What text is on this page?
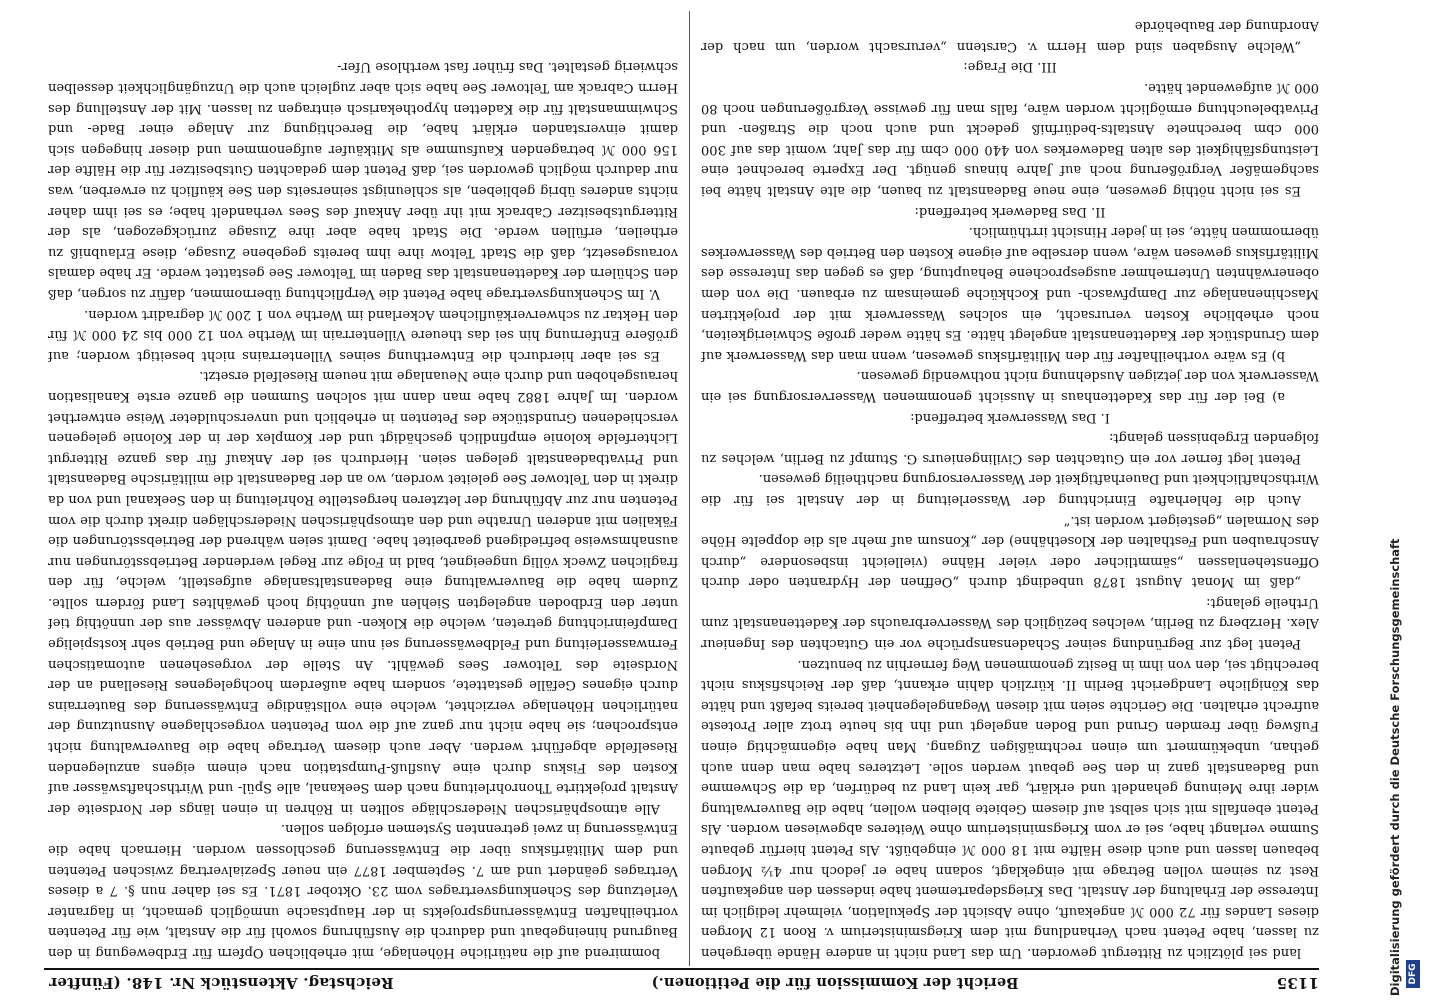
1135
Bericht der Kommission für die Petitionen.)
Reichstag. Aktenstück Nr. 148. (Fünfter

land sei plötzlich zu Rittergut geworden. Um das Land nicht in andere Hände übergehen zu lassen, habe Petent nach Verhandlung mit dem Kriegsministerium v. Roon 12 Morgen dieses Landes für 72 000 ℳ angekauft, ohne Absicht der Spekulation, vielmehr lediglich im Interesse der Erhaltung der Anstalt. Das Kriegsdepartement habe indessen den angekauften Rest zu seinem vollen Betrage mit eingeklagt, sodann habe er jedoch nur 4½ Morgen bebauen lassen und auch diese Hälfte mit 18 000 ℳ eingebüßt. Als Petent hierfür gebaute Summe verlangt habe, sei er vom Kriegsministerium ohne Weiteres abgewiesen worden. Als Petent ebenfalls mit sich selbst auf diesem Gebiete bleiben wollen, habe die Bauverwaltung wider ihre Meinung gehandelt und erklärt, gar kein Land zu bedürfen, da die Schwemme und Badeanstalt ganz in den See gebaut werden solle. Letzteres habe man denn auch gethan, unbekümmert um einen rechtmäßigen Zugang. Man habe eigenmächtig einen Fußweg über fremden Grund und Boden angelegt und ihn bis heute trotz aller Proteste aufrecht erhalten. Die Gerichte seien mit diesen Wegangelegenheit bereits befaßt und hätte das Königliche Landgericht Berlin II. kürzlich dahin erkannt, daß der Reichsfiskus nicht berechtigt sei, den von ihm in Besitz genommenen Weg fernerhin zu benutzen.

Petent legt zur Begründung seiner Schadensansprüche vor ein Gutachten des Ingenieur Alex. Herzberg zu Berlin, welches bezüglich des Wasserverbrauchs der Kadettenanstalt zum Urtheile gelangt:

„daß im Monat August 1878 unbedingt durch „Oeffnen der Hydranten oder durch Offenstehenlassen „sämmtlicher oder vieler Hähne (vielleicht insbesondere „durch Anschrauben und Festhalten der Klosethähne) der „Konsum auf mehr als die doppelte Höhe des Normalen „gesteigert worden ist.“

Auch die fehlerhafte Einrichtung der Wasserleitung in der Anstalt sei für die Wirthschaftlichkeit und Dauerhaftigkeit der Wasserversorgung nachtheilig gewesen.

Petent legt ferner vor ein Gutachten des Civilingenieurs G. Stumpf zu Berlin, welches zu folgenden Ergebnissen gelangt:

I. Das Wasserwerk betreffend:

a) Bei der für das Kadettenhaus in Aussicht genommenen Wasserversorgung sei ein Wasserwerk von der jetzigen Ausdehnung nicht nothwendig gewesen.

b) Es wäre vortheilhafter für den Militärfiskus gewesen, wenn man das Wasserwerk auf dem Grundstück der Kadettenanstalt angelegt hätte. Es hätte weder große Schwierigkeiten, noch erhebliche Kosten verursacht, ein solches Wasserwerk mit der projektirten Maschinenanlage zur Dampfwasch- und Kochküche gemeinsam zu erbauen. Die von dem obenerwähnten Unternehmer ausgesprochene Behauptung, daß es gegen das Interesse des Militärfiskus gewesen wäre, wenn derselbe auf eigene Kosten den Betrieb des Wasserwerkes übernommen hätte, sei in jeder Hinsicht irrthümlich.

II. Das Badewerk betreffend:

Es sei nicht nöthig gewesen, eine neue Badeanstalt zu bauen, die alte Anstalt hätte bei sachgemäßer Vergrößerung noch auf Jahre hinaus genügt. Der Experte berechnet eine Leistungsfähigkeit des alten Badewerkes von 440 000 cbm für das Jahr, womit das auf 300 000 cbm berechnete Anstalts-bedürfniß gedeckt und auch noch die Straßen- und Privatbeleuchtung ermöglicht worden wäre, falls man für gewisse Vergrößerungen noch 80 000 ℳ aufgewendet hätte.

III. Die Frage:

„Welche Ausgaben sind dem Herrn v. Carstenn „verursacht worden, um nach der Anordnung der Baubehörde

bommirend auf die natürliche Höhenlage, mit erheblichen Opfern für Erdbewegung in den Baugrund hineingebaut und dadurch die Ausführung sowohl für die Anstalt, wie für Petenten vortheilhaften Entwässerungsprojekts in der Hauptsache unmöglich gemacht, in flagranter Verletzung des Schenkungsvertrages vom 23. Oktober 1871. Es sei daher nun §. 7 a dieses Vertrages geändert und am 7. September 1877 ein neuer Spezialvertrag zwischen Petenten und dem Militärfiskus über die Entwässerung geschlossen worden. Hiernach habe die Entwässerung in zwei getrennten Systemen erfolgen sollen.

Alle atmosphärischen Niederschläge sollten in Röhren in einen längs der Nordseite der Anstalt projektirte Thonrohrleitung nach dem Seekanal, alle Spül- und Wirthschaftswässer auf Kosten des Fiskus durch eine Ausfluß-Pumpstation nach einem eigens anzulegenden Rieselfelde abgeführt werden. Aber auch diesem Vertrage habe die Bauverwaltung nicht entsprochen; sie habe nicht nur ganz auf die vom Petenten vorgeschlagene Ausnutzung der natürlichen Höhenlage verzichtet, welche eine vollständige Entwässerung des Bauterrains durch eigenes Gefälle gestattete, sondern habe außerdem hochgelegenes Rieselland an der Nordseite des Teltower Sees gewählt. An Stelle der vorgesehenen automatischen Fernwasserleitung und Feldbewässerung sei nun eine in Anlage und Betrieb sehr kostspielige Dampfeinrichtung getreten, welche die Kloken- und anderen Abwässer aus der unnöthig tief unter den Erdboden angelegten Siehlen auf unnöthig hoch gewähltes Land fördern sollte. Zudem habe die Bauverwaltung eine Badeanstaltsanlage aufgestellt, welche, für den fraglichen Zweck völlig ungeeignet, bald in Folge zur Regel werdender Betriebsstörungen nur ausnahmsweise befriedigend gearbeitet habe. Damit seien während der Betriebsstörungen die Fäkalien mit anderen Unrathe und den atmosphärischen Niederschlägen direkt durch die vom Petenten nur zur Abführung der letzteren hergestellte Rohrleitung in den Seekanal und von da direkt in den Teltower See geleitet worden, wo an der Badeanstalt die militärische Badeanstalt und Privatbadeanstalt gelegen seien. Hierdurch sei der Ankauf für das ganze Rittergut Lichterfelde kolonie empfindlich geschädigt und der Komplex der in der Kolonie gelegenen verschiedenen Grundstücke des Petenten in erheblich und unverschuldeter Weise entwerthet worden. Im Jahre 1882 habe man dann mit solchen Summen die ganze erste Kanalisation herausgehoben und durch eine Neuanlage mit neuem Rieselfeld ersetzt.

Es sei aber hierdurch die Entwerthung seines Villenterrains nicht beseitigt worden; auf größere Entfernung hin sei das theuere Villenterrain im Werthe von 12 000 bis 24 000 ℳ für den Hektar zu schwerverkäuflichem Ackerland im Werthe von 1 200 ℳ degradirt worden.

V. Im Schenkungsvertrage habe Petent die Verpflichtung übernommen, dafür zu sorgen, daß den Schülern der Kadettenanstalt das Baden im Teltower See gestattet werde. Er habe damals vorausgesetzt, daß die Stadt Teltow ihre ihm bereits gegebene Zusage, diese Erlaubniß zu ertheilen, erfüllen werde. Die Stadt habe aber ihre Zusage zurückgezogen, als der Rittergutsbesitzer Cabrack mit ihr über Ankauf des Sees verhandelt habe; es sei ihm daher nichts anderes übrig geblieben, als schleunigst seinerseits den See käuflich zu erwerben, was nur dadurch möglich geworden sei, daß Petent dem gedachten Gutsbesitzer für die Hälfte der 156 000 ℳ betragenden Kaufsumme als Mitkäufer aufgenommen und dieser hingegen sich damit einverstanden erklärt habe, die Berechtigung zur Anlage einer Bade- und Schwimmanstalt für die Kadetten hypothekarisch eintragen zu lassen. Mit der Anstellung des Herrn Cabrack am Teltower See habe sich aber zugleich auch die Unzugänglichkeit desselben schwierig gestaltet. Das früher fast werthlose Ufer-

Digitalisierung gefördert durch die Deutsche Forschungsgemeinschaft DFG
